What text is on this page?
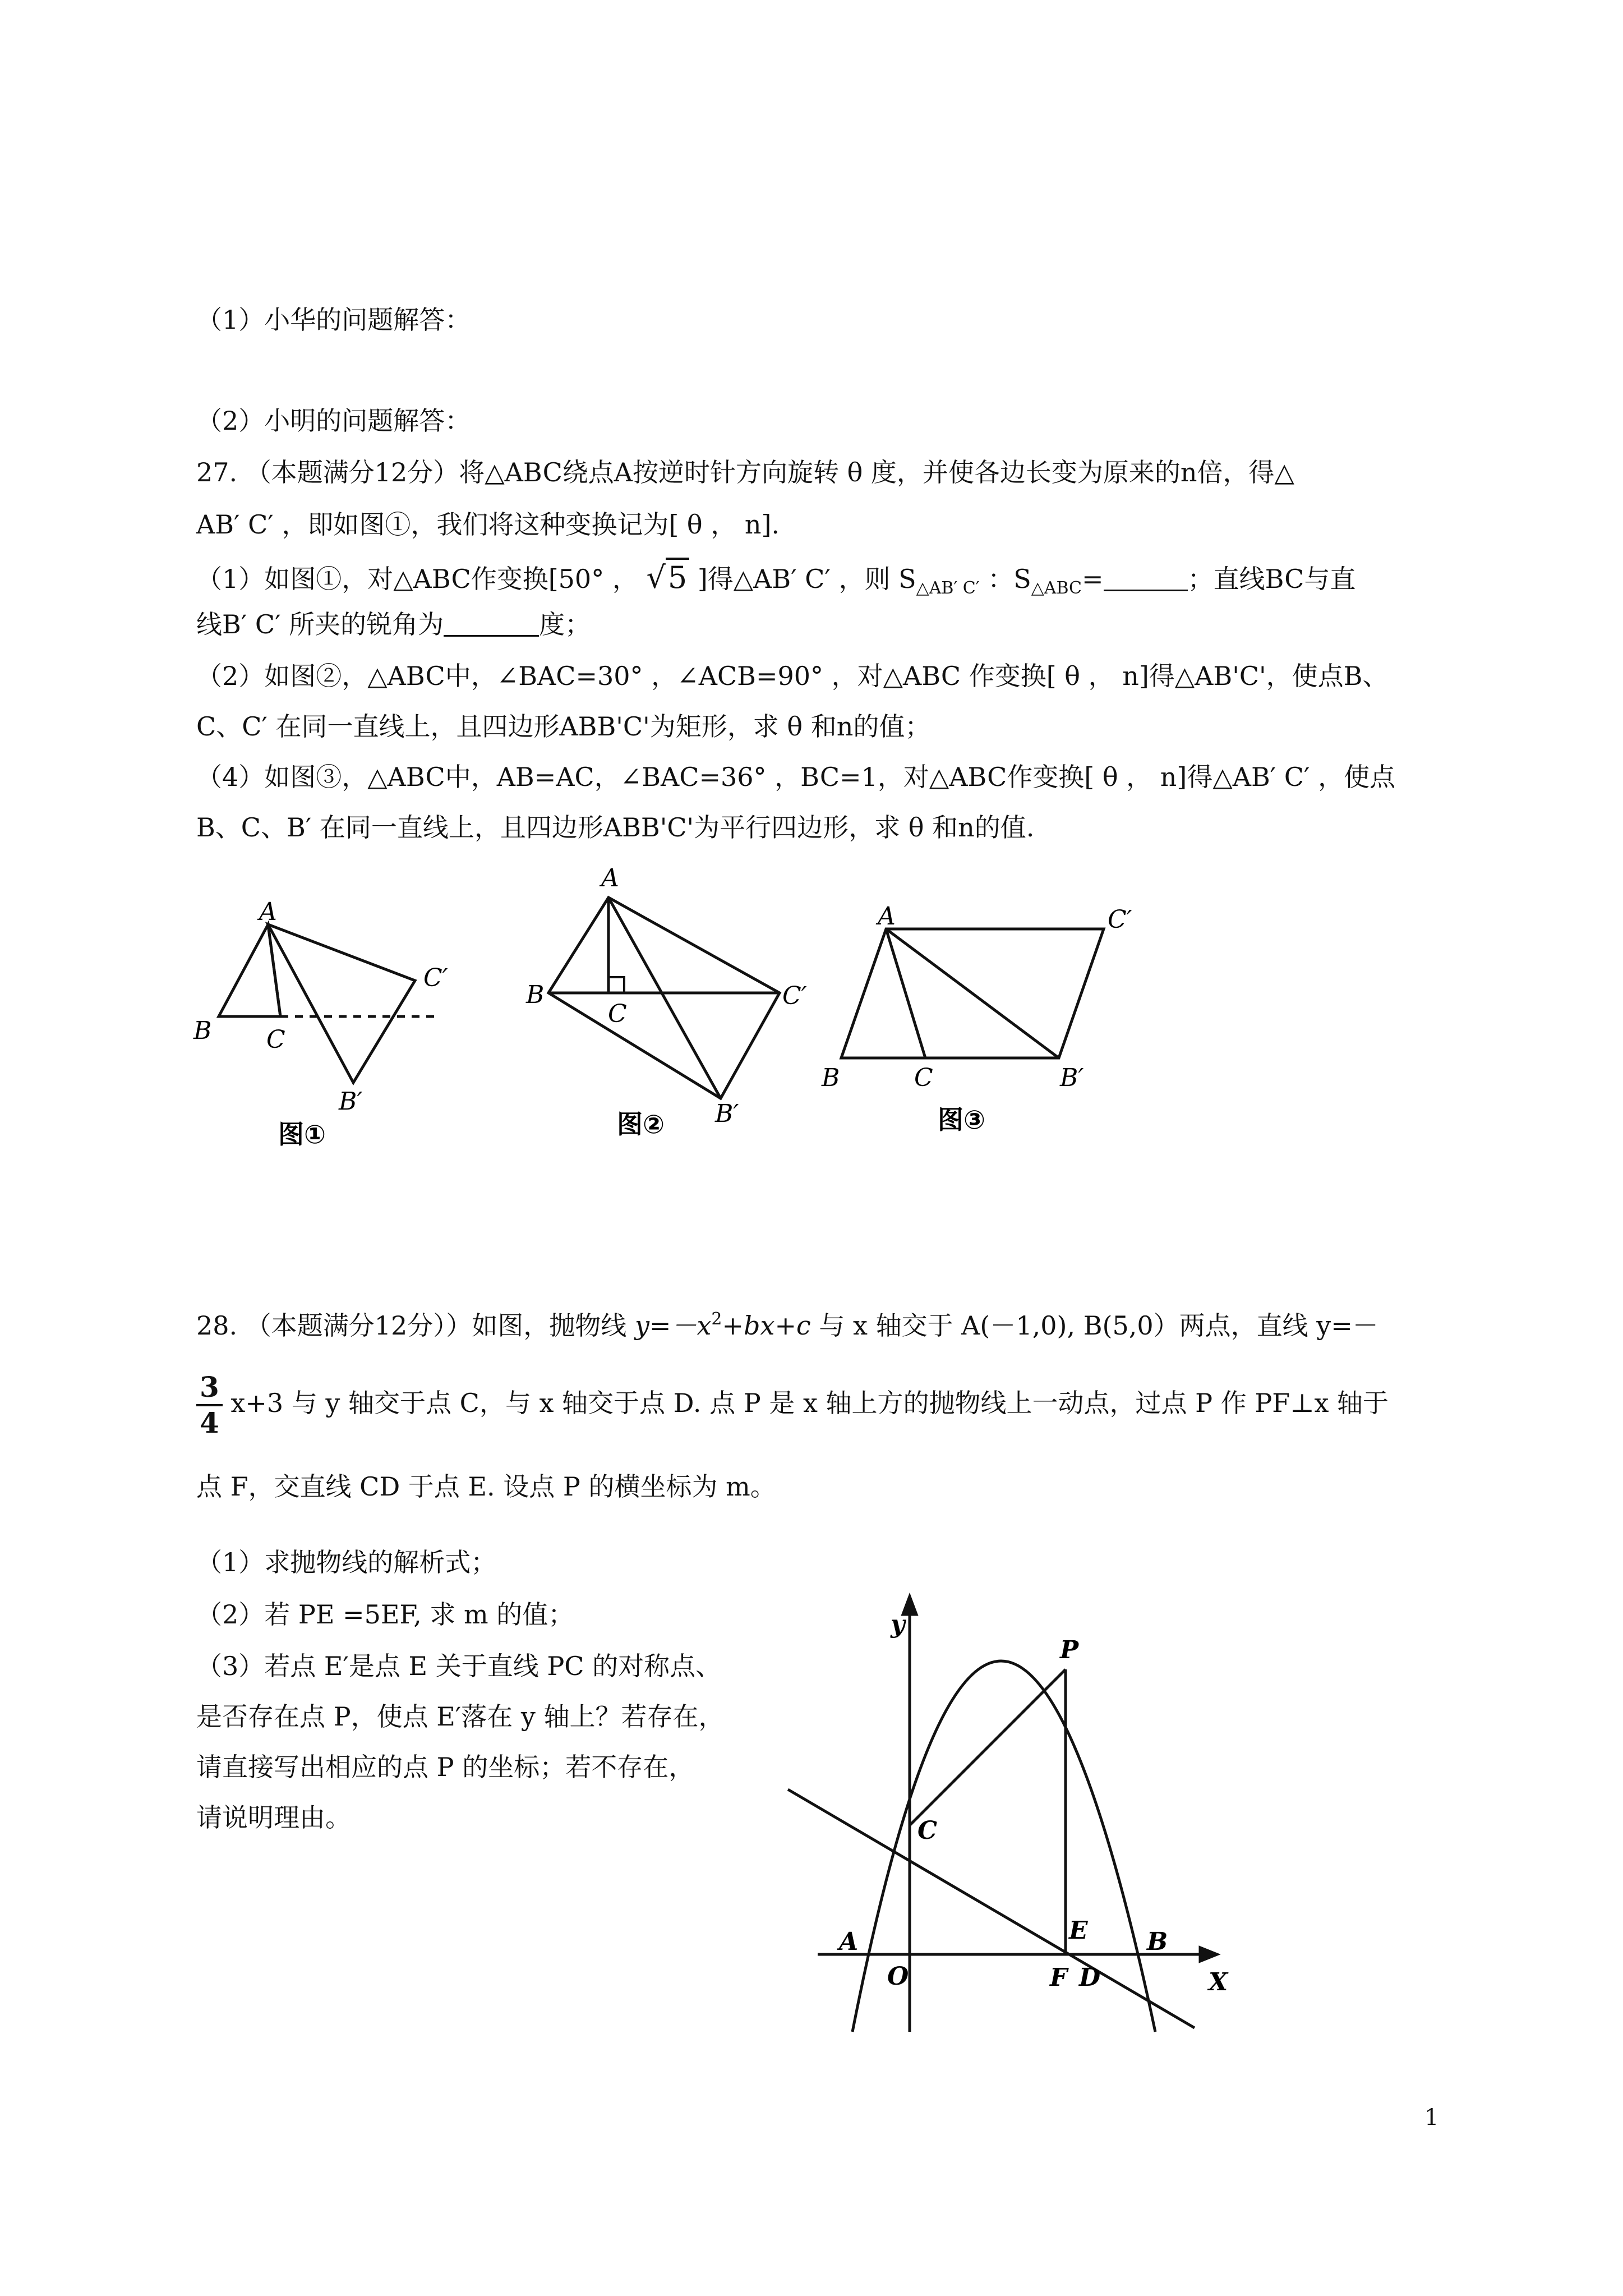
（1）小华的问题解答：
（2）小明的问题解答：
27. （本题满分12分）将△ABC绕点A按逆时针方向旋转 θ 度，并使各边长变为原来的n倍，得△
AB′ C′ ，即如图①，我们将这种变换记为[ θ ， n].
（1）如图①，对△ABC作变换[50° ， √5 ]得△AB′ C′ ，则 $S_{\triangle AB' C'}$ ：$S_{\triangle ABC}=$	；直线BC与直
线B′ C′ 所夹的锐角为	度；
（2）如图②，△ABC中，∠BAC=30° ，∠ACB=90° ，对△ABC 作变换[ θ ， n]得△AB'C'，使点B、
C、C′ 在同一直线上，且四边形ABB'C'为矩形，求 θ 和n的值；
（4）如图③，△ABC中，AB=AC，∠BAC=36° ，BC=1，对△ABC作变换[ θ ， n]得△AB′ C′ ，使点
B、C、B′ 在同一直线上，且四边形ABB'C'为平行四边形，求 θ 和n的值.
A
B C
C′
B′
图①
A
B
C
C′
B′
图②
A	C′
B	C	B′
图③
28. （本题满分12分））如图，抛物线 $y=-x^2+bx+c$ 与 x 轴交于 A(－1,0), B(5,0）两点，直线 y=－
$\frac{3}{4} x+3$ 与 y 轴交于点 C，与 x 轴交于点 D. 点 P 是 x 轴上方的抛物线上一动点，过点 P 作 PF⊥x 轴于
点 F，交直线 CD 于点 E. 设点 P 的横坐标为 m。
（1）求抛物线的解析式；
（2）若 PE =5EF, 求 m 的值；
（3）若点 E′是点 E 关于直线 PC 的对称点、
是否存在点 P，使点 E′落在 y 轴上？若存在，
请直接写出相应的点 P 的坐标；若不存在，
请说明理由。
y
P
C
A
O
E
F D
B
X
1
